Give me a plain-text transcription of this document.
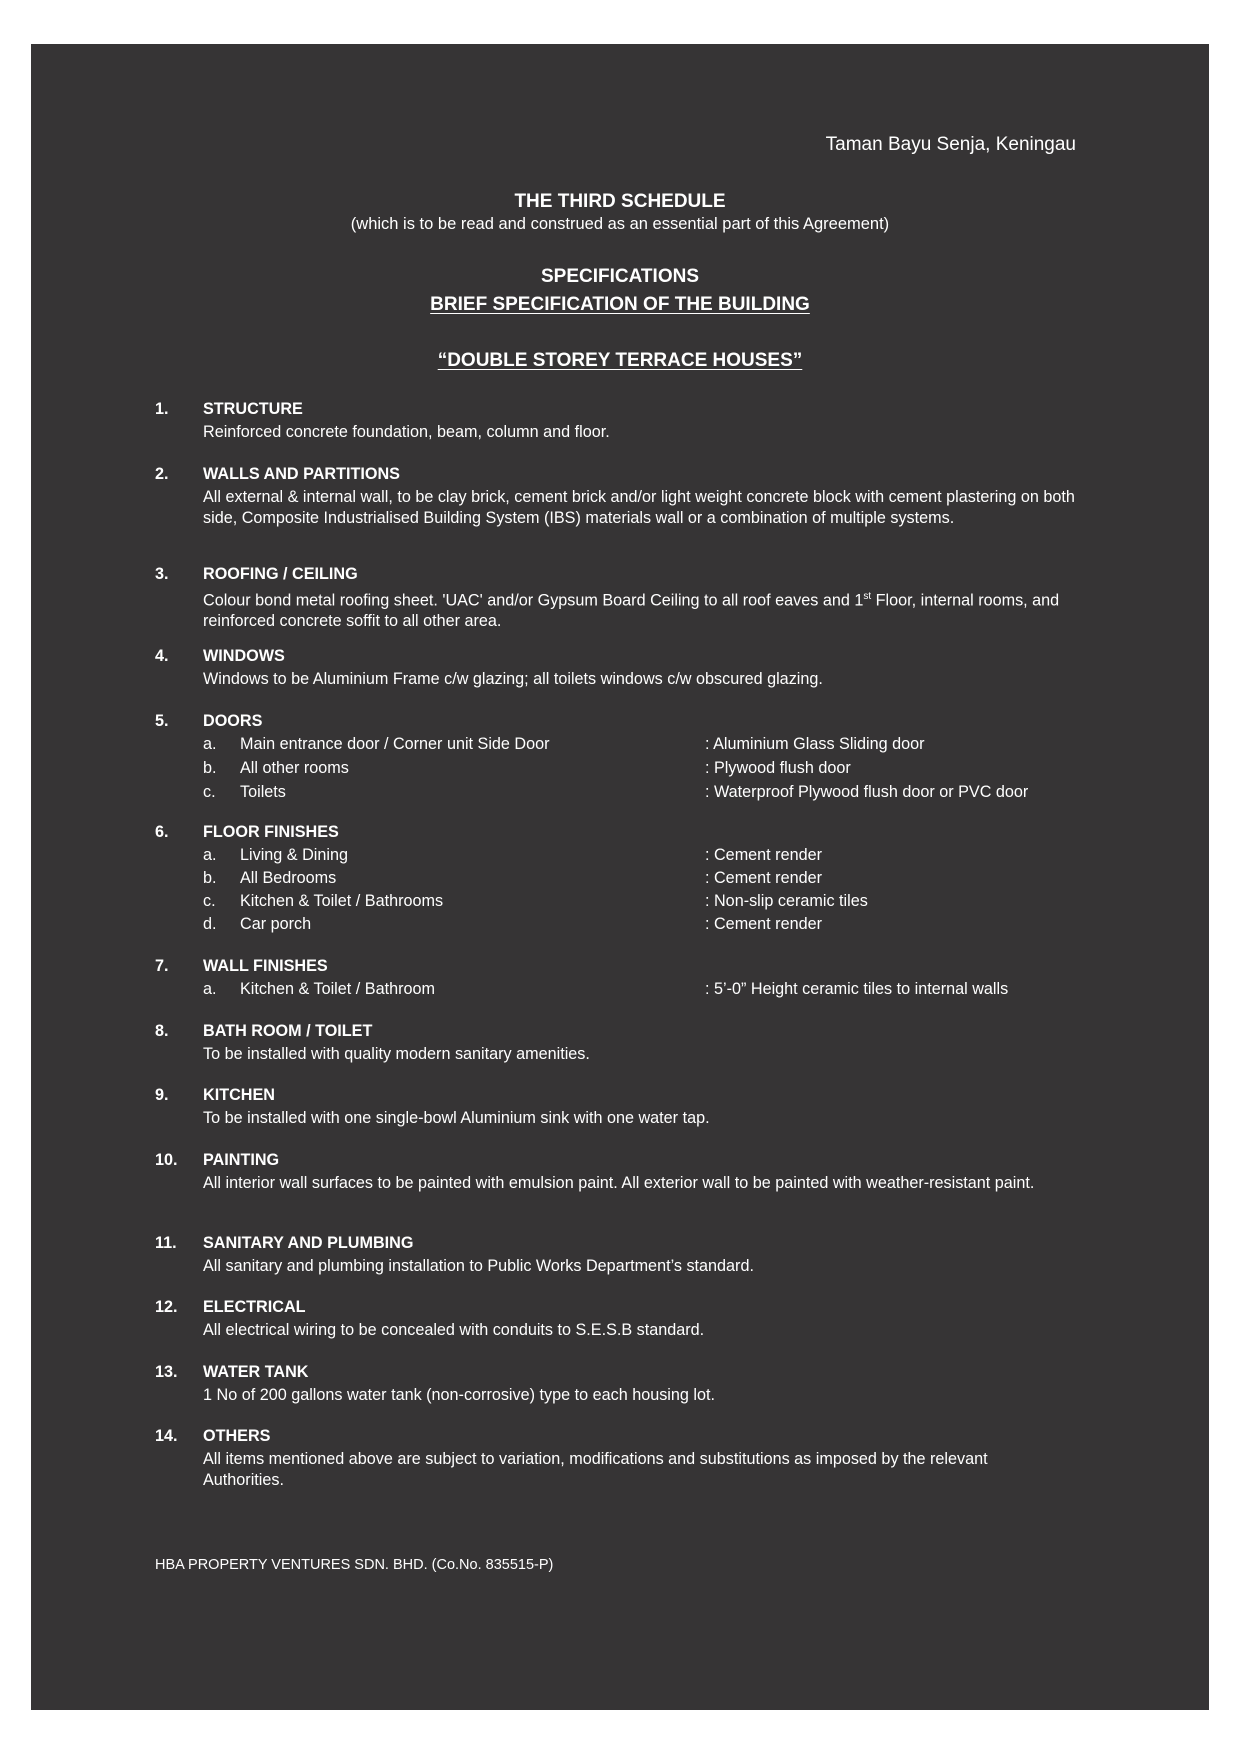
Taman Bayu Senja, Keningau
THE THIRD SCHEDULE
(which is to be read and construed as an essential part of this Agreement)
SPECIFICATIONS
BRIEF SPECIFICATION OF THE BUILDING
“DOUBLE STOREY TERRACE HOUSES”
1. STRUCTURE
Reinforced concrete foundation, beam, column and floor.
2. WALLS AND PARTITIONS
All external & internal wall, to be clay brick, cement brick and/or light weight concrete block with cement plastering on both side, Composite Industrialised Building System (IBS) materials wall or a combination of multiple systems.
3. ROOFING / CEILING
Colour bond metal roofing sheet. 'UAC' and/or Gypsum Board Ceiling to all roof eaves and 1st Floor, internal rooms, and reinforced concrete soffit to all other area.
4. WINDOWS
Windows to be Aluminium Frame c/w glazing; all toilets windows c/w obscured glazing.
5. DOORS
a. Main entrance door / Corner unit Side Door	: Aluminium Glass Sliding door
b. All other rooms	: Plywood flush door
c. Toilets	: Waterproof Plywood flush door or PVC door
6. FLOOR FINISHES
a. Living & Dining	: Cement render
b. All Bedrooms	: Cement render
c. Kitchen & Toilet / Bathrooms	: Non-slip ceramic tiles
d. Car porch	: Cement render
7. WALL FINISHES
a. Kitchen & Toilet / Bathroom	: 5’-0” Height ceramic tiles to internal walls
8. BATH ROOM / TOILET
To be installed with quality modern sanitary amenities.
9. KITCHEN
To be installed with one single-bowl Aluminium sink with one water tap.
10. PAINTING
All interior wall surfaces to be painted with emulsion paint. All exterior wall to be painted with weather-resistant paint.
11. SANITARY AND PLUMBING
All sanitary and plumbing installation to Public Works Department’s standard.
12. ELECTRICAL
All electrical wiring to be concealed with conduits to S.E.S.B standard.
13. WATER TANK
1 No of 200 gallons water tank (non-corrosive) type to each housing lot.
14. OTHERS
All items mentioned above are subject to variation, modifications and substitutions as imposed by the relevant Authorities.
HBA PROPERTY VENTURES SDN. BHD. (Co.No. 835515-P)
